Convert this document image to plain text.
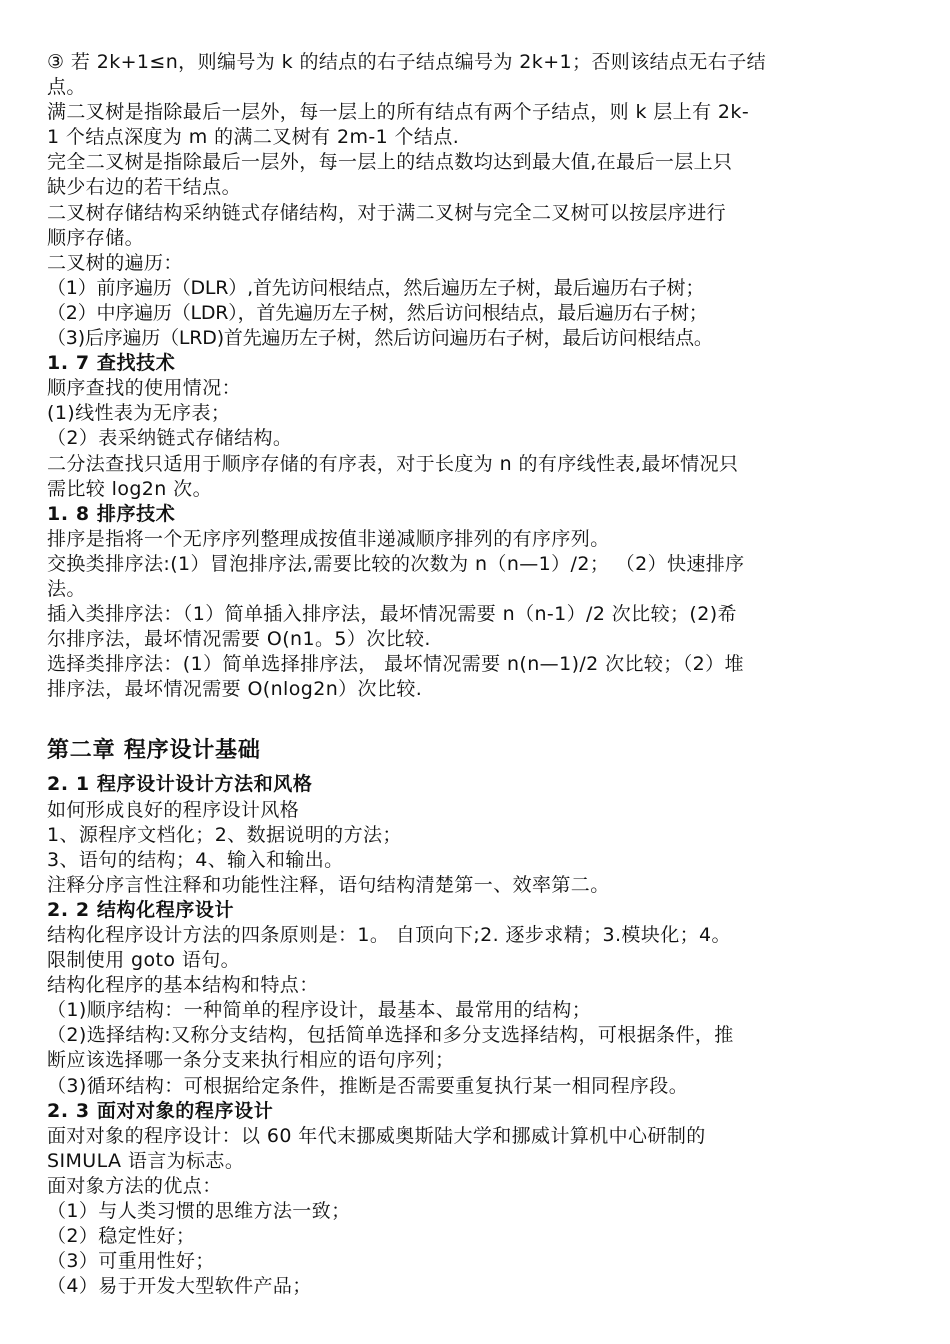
③ 若 2k+1≤n，则编号为 k 的结点的右子结点编号为 2k+1；否则该结点无右子结
点。
满二叉树是指除最后一层外，每一层上的所有结点有两个子结点，则 k 层上有 2k-
1 个结点深度为 m 的满二叉树有 2m-1 个结点.
完全二叉树是指除最后一层外，每一层上的结点数均达到最大值,在最后一层上只
缺少右边的若干结点。
二叉树存储结构采纳链式存储结构，对于满二叉树与完全二叉树可以按层序进行
顺序存储。
二叉树的遍历：
（1）前序遍历（DLR）,首先访问根结点，然后遍历左子树，最后遍历右子树；
（2）中序遍历（LDR），首先遍历左子树，然后访问根结点，最后遍历右子树；
（3)后序遍历（LRD)首先遍历左子树，然后访问遍历右子树，最后访问根结点。
1. 7 查找技术
顺序查找的使用情况：
(1)线性表为无序表；
（2）表采纳链式存储结构。
二分法查找只适用于顺序存储的有序表，对于长度为 n 的有序线性表,最坏情况只
需比较 log2n 次。
1. 8 排序技术
排序是指将一个无序序列整理成按值非递减顺序排列的有序序列。
交换类排序法:(1）冒泡排序法,需要比较的次数为 n（n—1）/2； （2）快速排序
法。
插入类排序法：（1）简单插入排序法，最坏情况需要 n（n-1）/2 次比较；(2)希
尔排序法，最坏情况需要 O(n1。5）次比较.
选择类排序法：(1）简单选择排序法， 最坏情况需要 n(n—1)/2 次比较；（2）堆
排序法，最坏情况需要 O(nlog2n）次比较.
第二章 程序设计基础
2. 1 程序设计设计方法和风格
如何形成良好的程序设计风格
1、源程序文档化；2、数据说明的方法；
3、语句的结构；4、输入和输出。
注释分序言性注释和功能性注释，语句结构清楚第一、效率第二。
2. 2 结构化程序设计
结构化程序设计方法的四条原则是：1。 自顶向下;2. 逐步求精；3.模块化；4。
限制使用 goto 语句。
结构化程序的基本结构和特点：
（1)顺序结构：一种简单的程序设计，最基本、最常用的结构；
（2)选择结构:又称分支结构，包括简单选择和多分支选择结构，可根据条件，推
断应该选择哪一条分支来执行相应的语句序列；
（3)循环结构：可根据给定条件，推断是否需要重复执行某一相同程序段。
2. 3 面对对象的程序设计
面对对象的程序设计：以 60 年代末挪威奥斯陆大学和挪威计算机中心研制的
SIMULA 语言为标志。
面对象方法的优点：
（1）与人类习惯的思维方法一致；
（2）稳定性好；
（3）可重用性好；
（4）易于开发大型软件产品；
